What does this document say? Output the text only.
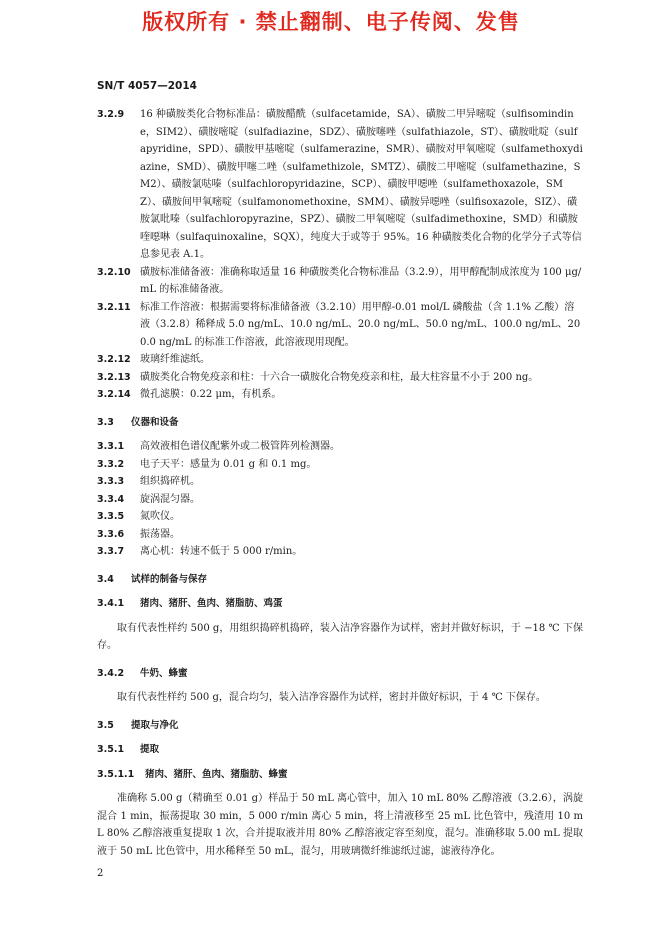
版权所有 · 禁止翻制、电子传阅、发售
SN/T 4057—2014

3.2.9 16 种磺胺类化合物标准品：磺胺醋酰（sulfacetamide，SA）、磺胺二甲异嘧啶（sulfisomindine，SIM2）、磺胺嘧啶（sulfadiazine，SDZ）、磺胺噻唑（sulfathiazole，ST）、磺胺吡啶（sulfapyridine，SPD）、磺胺甲基嘧啶（sulfamerazine，SMR）、磺胺对甲氧嘧啶（sulfamethoxydiazine，SMD）、磺胺甲噻二唑（sulfamethizole，SMTZ）、磺胺二甲嘧啶（sulfamethazine，SM2）、磺胺氯哒嗪（sulfachloropyridazine，SCP）、磺胺甲噁唑（sulfamethoxazole，SMZ）、磺胺间甲氧嘧啶（sulfamonomethoxine，SMM）、磺胺异噁唑（sulfisoxazole，SIZ）、磺胺氯吡嗪（sulfachloropyrazine，SPZ）、磺胺二甲氧嘧啶（sulfadimethoxine，SMD）和磺胺喹噁啉（sulfaquinoxaline，SQX），纯度大于或等于 95%。16 种磺胺类化合物的化学分子式等信息参见表 A.1。

3.2.10 磺胺标准储备液：准确称取适量 16 种磺胺类化合物标准品（3.2.9），用甲醇配制成浓度为 100 μg/mL 的标准储备液。

3.2.11 标准工作溶液：根据需要将标准储备液（3.2.10）用甲醇-0.01 mol/L 磷酸盐（含 1.1% 乙酸）溶液（3.2.8）稀释成 5.0 ng/mL、10.0 ng/mL、20.0 ng/mL、50.0 ng/mL、100.0 ng/mL、200.0 ng/mL 的标准工作溶液，此溶液现用现配。

3.2.12 玻璃纤维滤纸。

3.2.13 磺胺类化合物免疫亲和柱：十六合一磺胺化合物免疫亲和柱，最大柱容量不小于 200 ng。

3.2.14 微孔滤膜：0.22 μm，有机系。

3.3 仪器和设备

3.3.1 高效液相色谱仪配紫外或二极管阵列检测器。

3.3.2 电子天平：感量为 0.01 g 和 0.1 mg。

3.3.3 组织捣碎机。

3.3.4 旋涡混匀器。

3.3.5 氮吹仪。

3.3.6 振荡器。

3.3.7 离心机：转速不低于 5 000 r/min。

3.4 试样的制备与保存
3.4.1 猪肉、猪肝、鱼肉、猪脂肪、鸡蛋

取有代表性样约 500 g，用组织捣碎机捣碎，装入洁净容器作为试样，密封并做好标识，于 −18 ℃ 下保存。

3.4.2 牛奶、蜂蜜

取有代表性样约 500 g，混合均匀，装入洁净容器作为试样，密封并做好标识，于 4 ℃ 下保存。

3.5 提取与净化
3.5.1 提取
3.5.1.1 猪肉、猪肝、鱼肉、猪脂肪、蜂蜜

准确称 5.00 g（精确至 0.01 g）样品于 50 mL 离心管中，加入 10 mL 80% 乙醇溶液（3.2.6），涡旋混合 1 min，振荡提取 30 min，5 000 r/min 离心 5 min，将上清液移至 25 mL 比色管中，残渣用 10 mL 80% 乙醇溶液重复提取 1 次，合并提取液并用 80% 乙醇溶液定容至刻度，混匀。准确移取 5.00 mL 提取液于 50 mL 比色管中，用水稀释至 50 mL，混匀，用玻璃微纤维滤纸过滤，滤液待净化。

2
